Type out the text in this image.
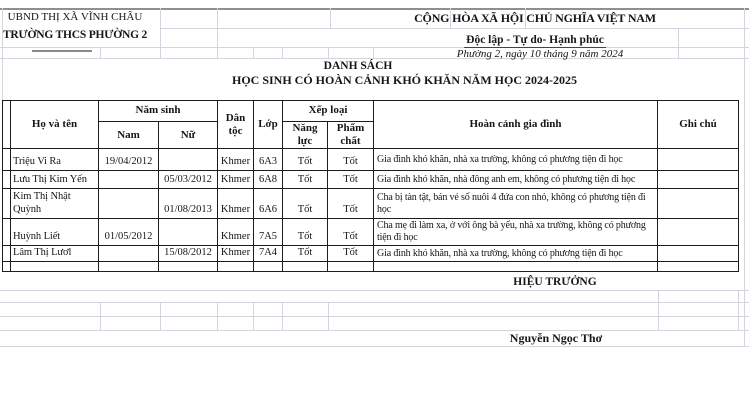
UBND THỊ XÃ VĨNH CHÂU
TRƯỜNG THCS PHƯỜNG 2
CỘNG HÒA XÃ HỘI CHỦ NGHĨA VIỆT NAM
Độc lập - Tự do- Hạnh phúc
Phường 2, ngày 10 tháng 9 năm 2024
DANH SÁCH
HỌC SINH CÓ HOÀN CẢNH KHÓ KHĂN NĂM HỌC 2024-2025
	Họ và tên	Năm sinh		Dân tộc	Lớp	Xếp loại		Hoàn cảnh gia đình	Ghi chú
		Nam	Nữ			Năng lực	Phẩm chất		
	Triệu Vi Ra	19/04/2012		Khmer	6A3	Tốt	Tốt	Gia đình khó khăn, nhà xa trường, không có phương tiện đi học	
	Lưu Thị Kim Yến		05/03/2012	Khmer	6A8	Tốt	Tốt	Gia đình khó khăn, nhà đông anh em, không có phương tiện đi học	
	Kim Thị Nhật Quỳnh		01/08/2013	Khmer	6A6	Tốt	Tốt	Cha bị tàn tật, bán vé số nuôi 4 đứa con nhỏ, không có phương tiện đi học	
	Huỳnh Liết	01/05/2012		Khmer	7A5	Tốt	Tốt	Cha mẹ đi làm xa, ở với ông bà yếu, nhà xa trường, không có phương tiện đi học	
	Lâm Thị Lươl		15/08/2012	Khmer	7A4	Tốt	Tốt	Gia đình khó khăn, nhà xa trường, không có phương tiện đi học	

HIỆU TRƯỞNG
Nguyễn Ngọc Thơ
